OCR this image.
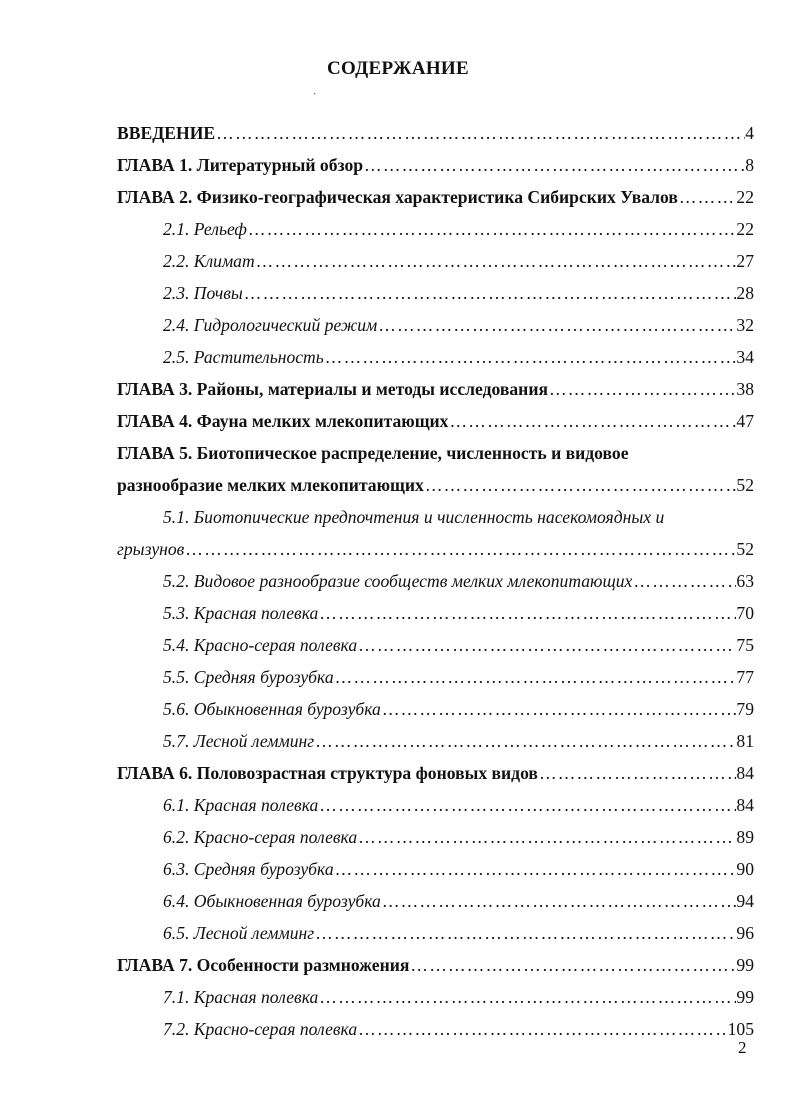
СОДЕРЖАНИЕ
ˏ
ВВЕДЕНИЕ ………………………………………………………………………………………………………………………………………………………………………………………………	4
ГЛАВА 1. Литературный обзор ………………………………………………………………………………………………………………………………………………………………………………………………	8
ГЛАВА 2. Физико-географическая характеристика Сибирских Увалов ………………………………………………………………………………………………………………………………………………………………………………………………	22
2.1. Рельеф ………………………………………………………………………………………………………………………………………………………………………………………………	22
2.2. Климат ………………………………………………………………………………………………………………………………………………………………………………………………	27
2.3. Почвы ………………………………………………………………………………………………………………………………………………………………………………………………	28
2.4. Гидрологический режим ………………………………………………………………………………………………………………………………………………………………………………………………	32
2.5. Растительность ………………………………………………………………………………………………………………………………………………………………………………………………	34
ГЛАВА 3. Районы, материалы и методы исследования ………………………………………………………………………………………………………………………………………………………………………………………………	38
ГЛАВА 4. Фауна мелких млекопитающих ………………………………………………………………………………………………………………………………………………………………………………………………	47
ГЛАВА 5. Биотопическое распределение, численность и видовое
разнообразие мелких млекопитающих ………………………………………………………………………………………………………………………………………………………………………………………………	52
5.1. Биотопические предпочтения и численность насекомоядных и
грызунов ………………………………………………………………………………………………………………………………………………………………………………………………	52
5.2. Видовое разнообразие сообществ мелких млекопитающих ………………………………………………………………………………………………………………………………………………………………………………………………	63
5.3. Красная полевка ………………………………………………………………………………………………………………………………………………………………………………………………	70
5.4. Красно-серая полевка ………………………………………………………………………………………………………………………………………………………………………………………………	75
5.5. Средняя бурозубка ………………………………………………………………………………………………………………………………………………………………………………………………	77
5.6. Обыкновенная бурозубка ………………………………………………………………………………………………………………………………………………………………………………………………	79
5.7. Лесной лемминг ………………………………………………………………………………………………………………………………………………………………………………………………	81
ГЛАВА 6. Половозрастная структура фоновых видов ………………………………………………………………………………………………………………………………………………………………………………………………	84
6.1. Красная полевка ………………………………………………………………………………………………………………………………………………………………………………………………	84
6.2. Красно-серая полевка ………………………………………………………………………………………………………………………………………………………………………………………………	89
6.3. Средняя бурозубка ………………………………………………………………………………………………………………………………………………………………………………………………	90
6.4. Обыкновенная бурозубка ………………………………………………………………………………………………………………………………………………………………………………………………	94
6.5. Лесной лемминг ………………………………………………………………………………………………………………………………………………………………………………………………	96
ГЛАВА 7. Особенности размножения ………………………………………………………………………………………………………………………………………………………………………………………………	99
7.1. Красная полевка ………………………………………………………………………………………………………………………………………………………………………………………………	99
7.2. Красно-серая полевка ………………………………………………………………………………………………………………………………………………………………………………………………	105
2
